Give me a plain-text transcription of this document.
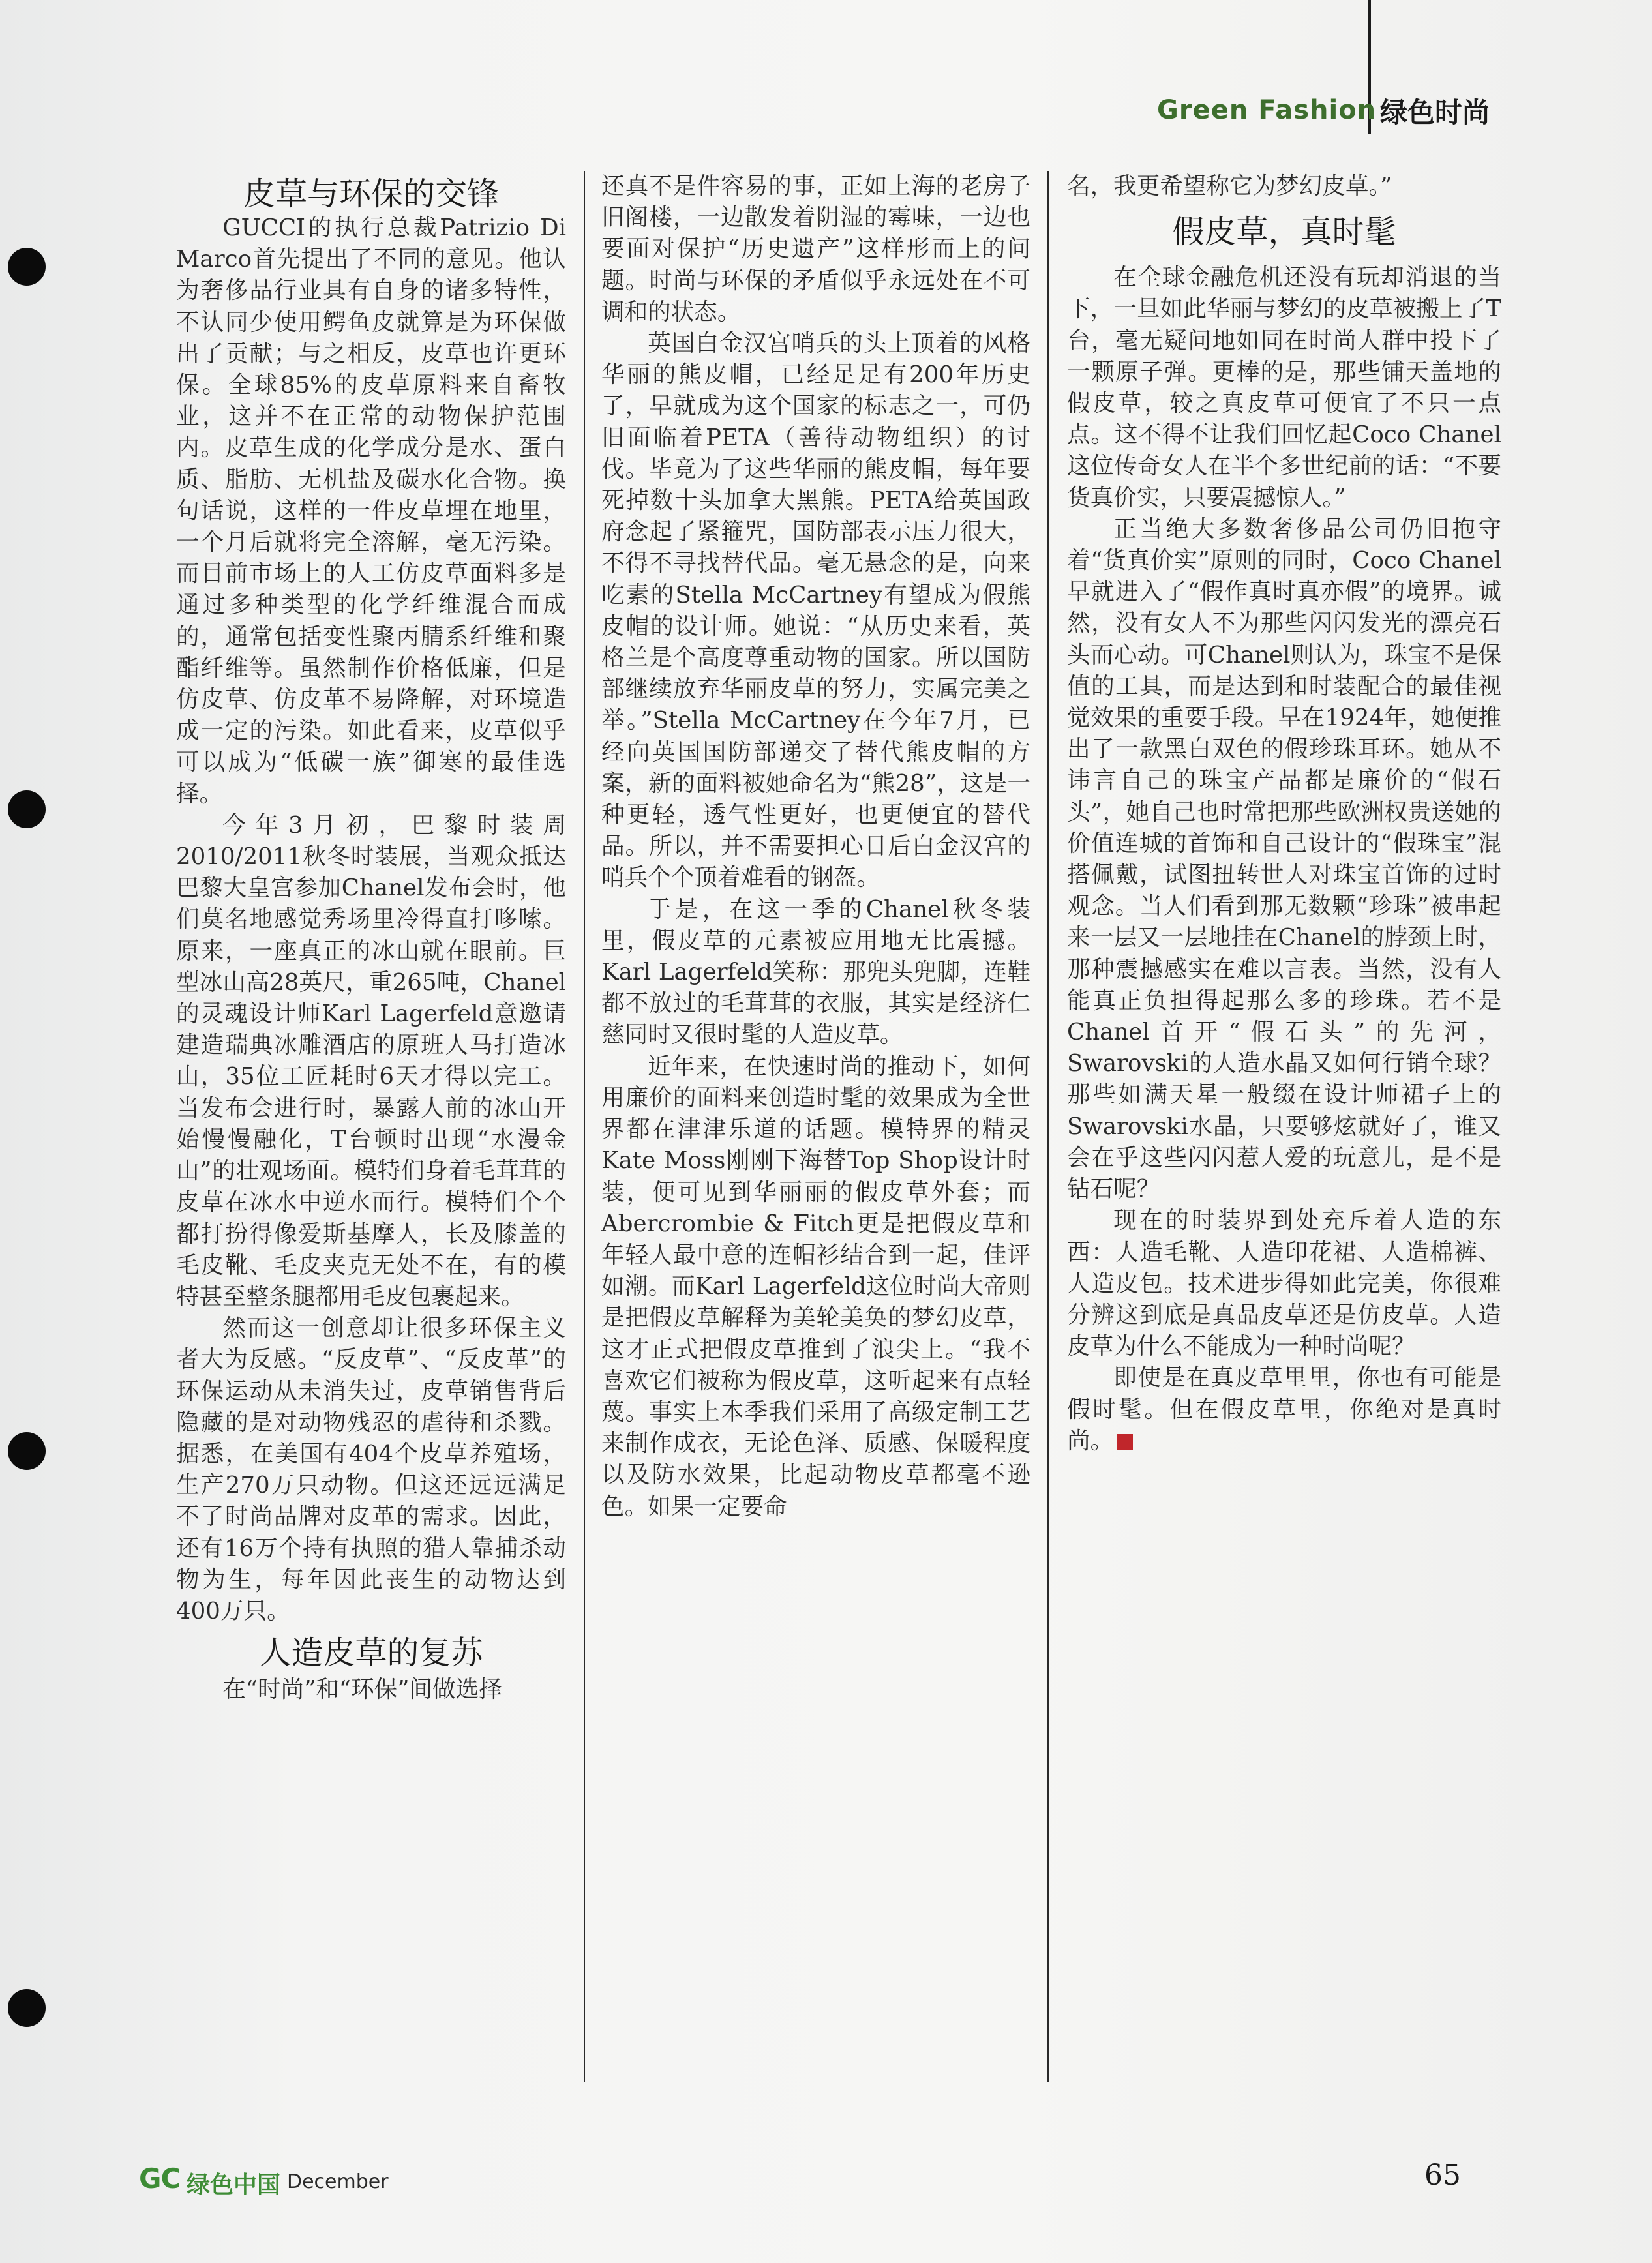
Green Fashion 绿色时尚
皮草与环保的交锋

GUCCI的执行总裁Patrizio Di Marco首先提出了不同的意见。他认为奢侈品行业具有自身的诸多特性，不认同少使用鳄鱼皮就算是为环保做出了贡献；与之相反，皮草也许更环保。全球85%的皮草原料来自畜牧业，这并不在正常的动物保护范围内。皮草生成的化学成分是水、蛋白质、脂肪、无机盐及碳水化合物。换句话说，这样的一件皮草埋在地里，一个月后就将完全溶解，毫无污染。而目前市场上的人工仿皮草面料多是通过多种类型的化学纤维混合而成的，通常包括变性聚丙腈系纤维和聚酯纤维等。虽然制作价格低廉，但是仿皮草、仿皮革不易降解，对环境造成一定的污染。如此看来，皮草似乎可以成为“低碳一族”御寒的最佳选择。

今年3月初，巴黎时装周2010/2011秋冬时装展，当观众抵达巴黎大皇宫参加Chanel发布会时，他们莫名地感觉秀场里冷得直打哆嗦。原来，一座真正的冰山就在眼前。巨型冰山高28英尺，重265吨，Chanel的灵魂设计师Karl Lagerfeld意邀请建造瑞典冰雕酒店的原班人马打造冰山，35位工匠耗时6天才得以完工。当发布会进行时，暴露人前的冰山开始慢慢融化，T台顿时出现“水漫金山”的壮观场面。模特们身着毛茸茸的皮草在冰水中逆水而行。模特们个个都打扮得像爱斯基摩人，长及膝盖的毛皮靴、毛皮夹克无处不在，有的模特甚至整条腿都用毛皮包裹起来。

然而这一创意却让很多环保主义者大为反感。“反皮草”、“反皮革”的环保运动从未消失过，皮草销售背后隐藏的是对动物残忍的虐待和杀戮。据悉，在美国有404个皮草养殖场，生产270万只动物。但这还远远满足不了时尚品牌对皮革的需求。因此，还有16万个持有执照的猎人靠捕杀动物为生，每年因此丧生的动物达到400万只。

人造皮草的复苏

在“时尚”和“环保”间做选择

还真不是件容易的事，正如上海的老房子旧阁楼，一边散发着阴湿的霉味，一边也要面对保护“历史遗产”这样形而上的问题。时尚与环保的矛盾似乎永远处在不可调和的状态。

英国白金汉宫哨兵的头上顶着的风格华丽的熊皮帽，已经足足有200年历史了，早就成为这个国家的标志之一，可仍旧面临着PETA（善待动物组织）的讨伐。毕竟为了这些华丽的熊皮帽，每年要死掉数十头加拿大黑熊。PETA给英国政府念起了紧箍咒，国防部表示压力很大，不得不寻找替代品。毫无悬念的是，向来吃素的Stella McCartney有望成为假熊皮帽的设计师。她说：“从历史来看，英格兰是个高度尊重动物的国家。所以国防部继续放弃华丽皮草的努力，实属完美之举。”Stella McCartney在今年7月，已经向英国国防部递交了替代熊皮帽的方案，新的面料被她命名为“熊28”，这是一种更轻，透气性更好，也更便宜的替代品。所以，并不需要担心日后白金汉宫的哨兵个个顶着难看的钢盔。

于是，在这一季的Chanel秋冬装里，假皮草的元素被应用地无比震撼。Karl Lagerfeld笑称：那兜头兜脚，连鞋都不放过的毛茸茸的衣服，其实是经济仁慈同时又很时髦的人造皮草。

近年来，在快速时尚的推动下，如何用廉价的面料来创造时髦的效果成为全世界都在津津乐道的话题。模特界的精灵Kate Moss刚刚下海替Top Shop设计时装，便可见到华丽丽的假皮草外套；而Abercrombie & Fitch更是把假皮草和年轻人最中意的连帽衫结合到一起，佳评如潮。而Karl Lagerfeld这位时尚大帝则是把假皮草解释为美轮美奂的梦幻皮草，这才正式把假皮草推到了浪尖上。“我不喜欢它们被称为假皮草，这听起来有点轻蔑。事实上本季我们采用了高级定制工艺来制作成衣，无论色泽、质感、保暖程度以及防水效果，比起动物皮草都毫不逊色。如果一定要命

名，我更希望称它为梦幻皮草。”

假皮草，真时髦

在全球金融危机还没有玩却消退的当下，一旦如此华丽与梦幻的皮草被搬上了T台，毫无疑问地如同在时尚人群中投下了一颗原子弹。更棒的是，那些铺天盖地的假皮草，较之真皮草可便宜了不只一点点。这不得不让我们回忆起Coco Chanel这位传奇女人在半个多世纪前的话：“不要货真价实，只要震撼惊人。”

正当绝大多数奢侈品公司仍旧抱守着“货真价实”原则的同时，Coco Chanel早就进入了“假作真时真亦假”的境界。诚然，没有女人不为那些闪闪发光的漂亮石头而心动。可Chanel则认为，珠宝不是保值的工具，而是达到和时装配合的最佳视觉效果的重要手段。早在1924年，她便推出了一款黑白双色的假珍珠耳环。她从不讳言自己的珠宝产品都是廉价的“假石头”，她自己也时常把那些欧洲权贵送她的价值连城的首饰和自己设计的“假珠宝”混搭佩戴，试图扭转世人对珠宝首饰的过时观念。当人们看到那无数颗“珍珠”被串起来一层又一层地挂在Chanel的脖颈上时，那种震撼感实在难以言表。当然，没有人能真正负担得起那么多的珍珠。若不是Chanel首开“假石头”的先河，Swarovski的人造水晶又如何行销全球？那些如满天星一般缀在设计师裙子上的Swarovski水晶，只要够炫就好了，谁又会在乎这些闪闪惹人爱的玩意儿，是不是钻石呢？

现在的时装界到处充斥着人造的东西：人造毛靴、人造印花裙、人造棉裤、人造皮包。技术进步得如此完美，你很难分辨这到底是真品皮草还是仿皮草。人造皮草为什么不能成为一种时尚呢？

即使是在真皮草里里，你也有可能是假时髦。但在假皮草里，你绝对是真时尚。

GC 绿色中国 December	65
